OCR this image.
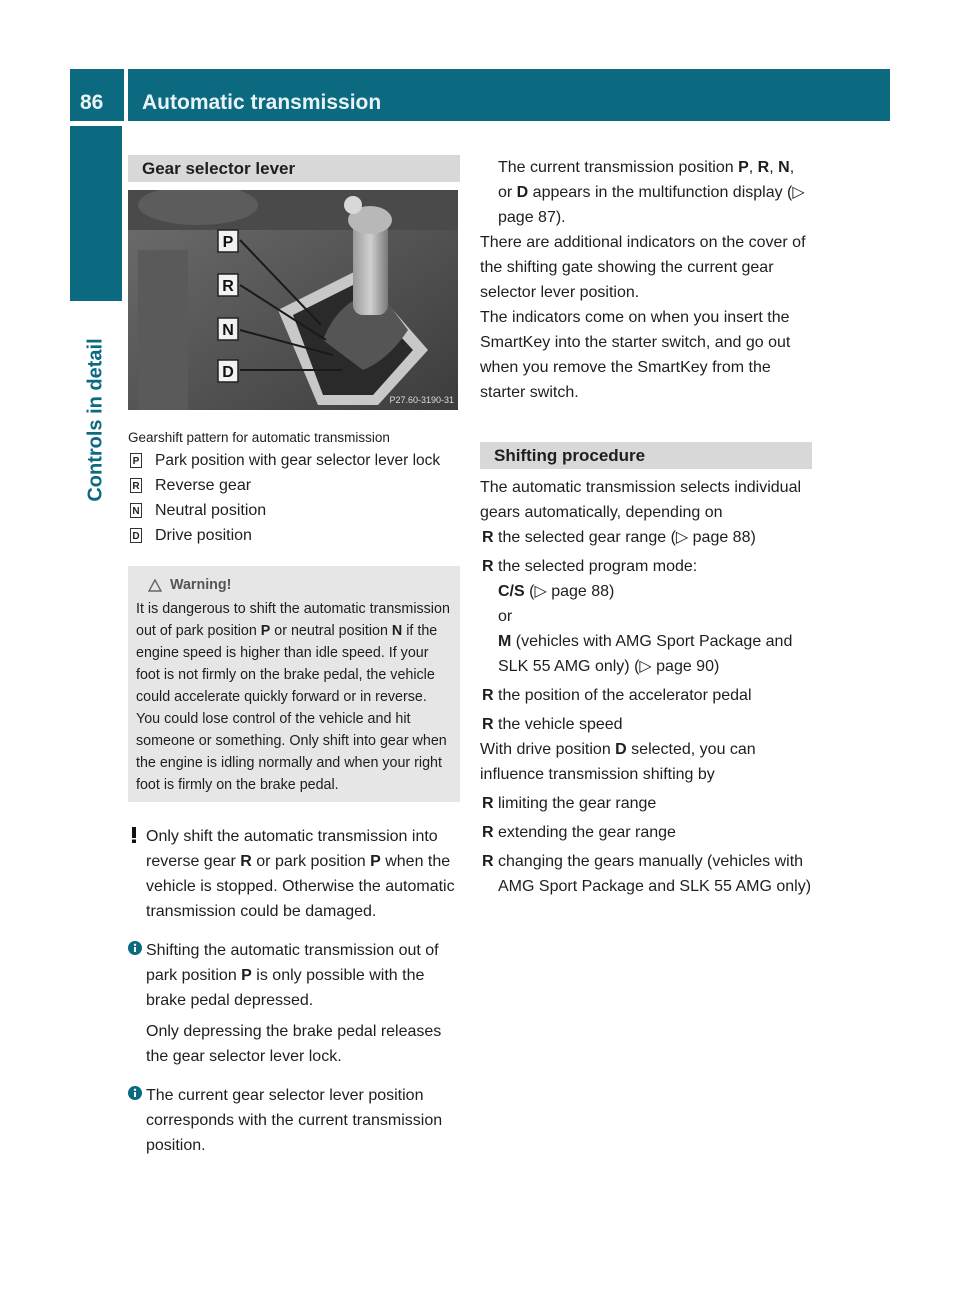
86 Automatic transmission
Controls in detail
Gear selector lever
P
R
N
D
P27.60-3190-31
Gearshift pattern for automatic transmission
P Park position with gear selector lever lock
R Reverse gear
N Neutral position
D Drive position
Warning!
It is dangerous to shift the automatic transmission out of park position P or neutral position N if the engine speed is higher than idle speed. If your foot is not firmly on the brake pedal, the vehicle could accelerate quickly forward or in reverse. You could lose control of the vehicle and hit someone or something. Only shift into gear when the engine is idling normally and when your right foot is firmly on the brake pedal.

Only shift the automatic transmission into reverse gear R or park position P when the vehicle is stopped. Otherwise the automatic transmission could be damaged.

Shifting the automatic transmission out of park position P is only possible with the brake pedal depressed.

Only depressing the brake pedal releases the gear selector lever lock.

The current gear selector lever position corresponds with the current transmission position.

The current transmission position P, R, N, or D appears in the multifunction display (▷ page 87).

There are additional indicators on the cover of the shifting gate showing the current gear selector lever position.

The indicators come on when you insert the SmartKey into the starter switch, and go out when you remove the SmartKey from the starter switch.

Shifting procedure

The automatic transmission selects individual gears automatically, depending on

R the selected gear range (▷ page 88)
R the selected program mode:
C/S (▷ page 88)
or
M (vehicles with AMG Sport Package and SLK 55 AMG only) (▷ page 90)
R the position of the accelerator pedal
R the vehicle speed

With drive position D selected, you can influence transmission shifting by

R limiting the gear range
R extending the gear range
R changing the gears manually (vehicles with AMG Sport Package and SLK 55 AMG only)
